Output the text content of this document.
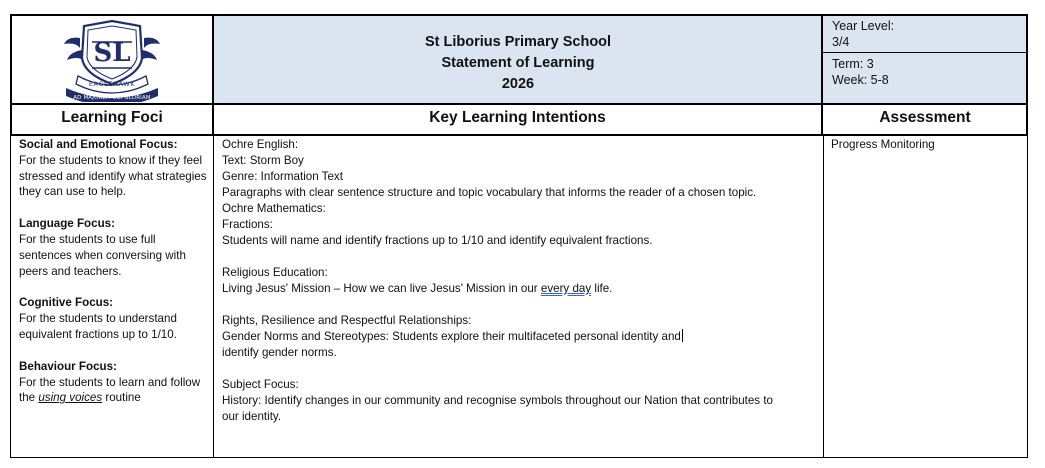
SL
EAGLEHAWK
AD MAJOREM DEI GLORIAM
St Liborius Primary School
Statement of Learning
2026
Year Level:
3/4
Term: 3
Week: 5-8
Learning Foci	Key Learning Intentions	Assessment

Social and Emotional Focus:

For the students to know if they feel stressed and identify what strategies they can use to help.

Language Focus:

For the students to use full sentences when conversing with peers and teachers.

Cognitive Focus:

For the students to understand equivalent fractions up to 1/10.

Behaviour Focus:

For the students to learn and follow the using voices routine

Ochre English:

Text: Storm Boy

Genre: Information Text

Paragraphs with clear sentence structure and topic vocabulary that informs the reader of a chosen topic.

Ochre Mathematics:

Fractions:

Students will name and identify fractions up to 1/10 and identify equivalent fractions.

Religious Education:

Living Jesus' Mission – How we can live Jesus' Mission in our every day life.

Rights, Resilience and Respectful Relationships:

Gender Norms and Stereotypes: Students explore their multifaceted personal identity and

identify gender norms.

Subject Focus:

History: Identify changes in our community and recognise symbols throughout our Nation that contributes to our identity.

Progress Monitoring
